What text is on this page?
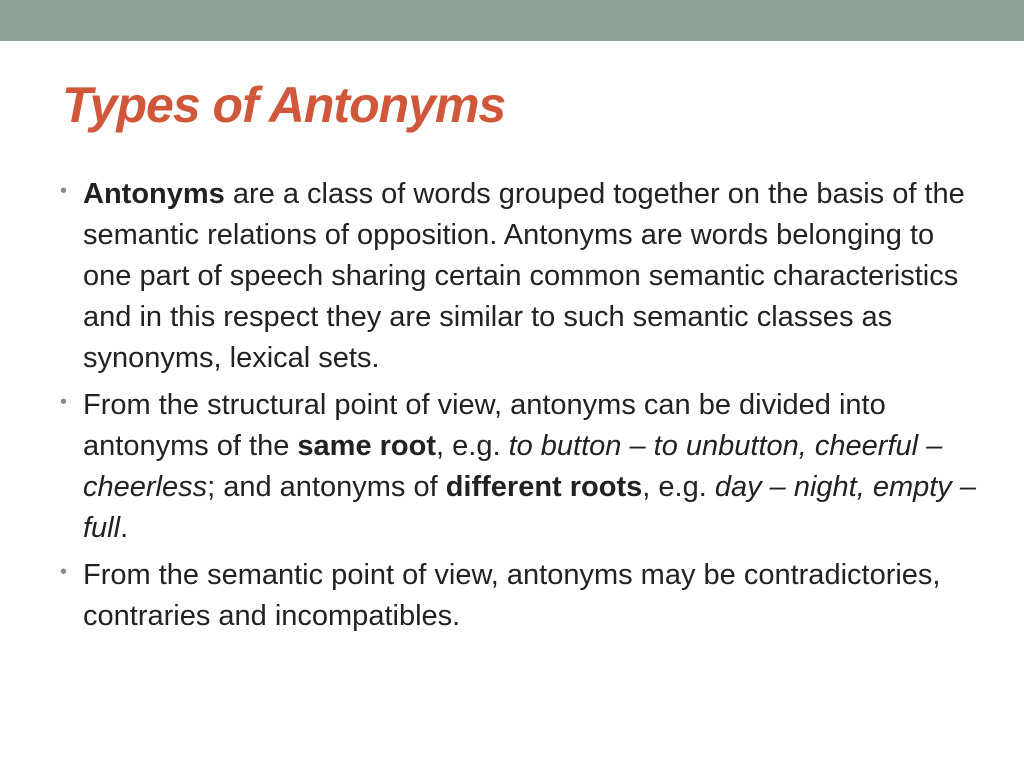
Types of Antonyms
• Antonyms are a class of words grouped together on the basis of the semantic relations of opposition. Antonyms are words belonging to one part of speech sharing certain common semantic characteristics and in this respect they are similar to such semantic classes as synonyms, lexical sets.
• From the structural point of view, antonyms can be divided into antonyms of the same root, e.g. to button – to unbutton, cheerful – cheerless; and antonyms of different roots, e.g. day – night, empty – full.
• From the semantic point of view, antonyms may be contradictories, contraries and incompatibles.
